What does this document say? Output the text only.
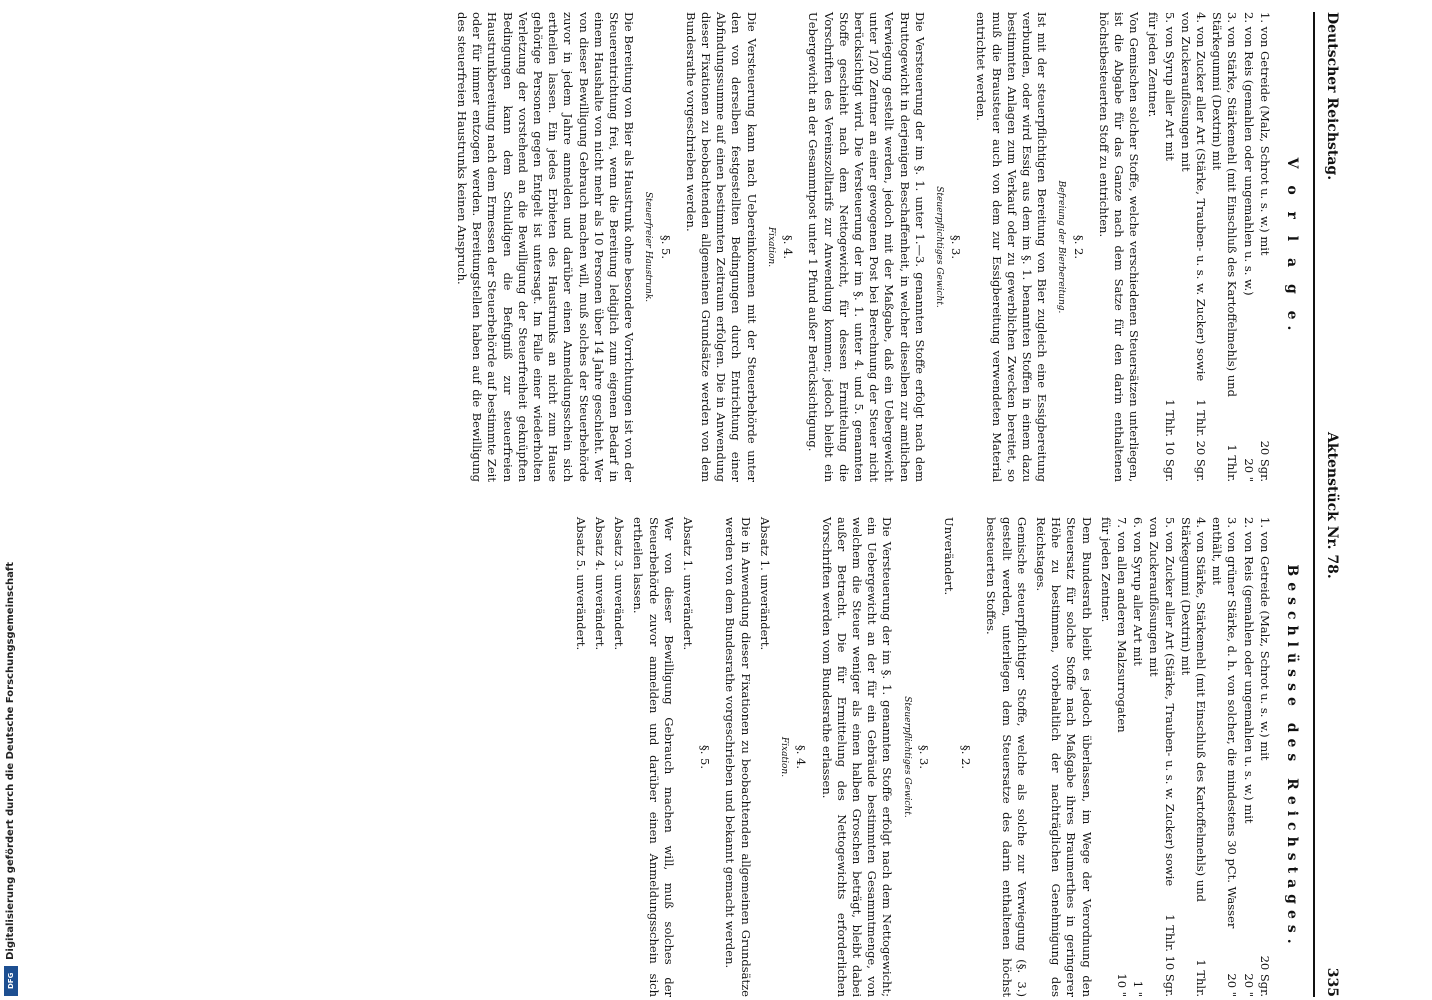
Deutscher Reichstag.
Aktenstück Nr. 78.
335
V o r l a g e.
1. von Getreide (Malz, Schrot u. s. w.) mit
20 Sgr.
2. von Reis (gemahlen oder ungemahlen u. s. w.)
20 "
3. von Stärke, Stärkemehl (mit Einschluß des Kartoffelmehls) und Stärkegummi (Dextrin) mit
1 Thlr.
4. von Zucker aller Art (Stärke, Trauben- u. s. w. Zucker) sowie von Zuckerauflösungen mit
1 Thlr. 20 Sgr.
5. von Syrup aller Art mit
1 Thlr. 10 Sgr.

für jeden Zentner.

Von Gemischen solcher Stoffe, welche verschiedenen Steuersätzen unterliegen, ist die Abgabe für das Ganze nach dem Satze für den darin enthaltenen höchstbesteuerten Stoff zu entrichten.

§. 2.
Befreiung der Bierbereitung.

Ist mit der steuerpflichtigen Bereitung von Bier zugleich eine Essigbereitung verbunden, oder wird Essig aus dem im §. 1. benannten Stoffen in einem dazu bestimmten Anlagen zum Verkauf oder zu gewerblichen Zwecken bereitet, so muß die Brausteuer auch von dem zur Essigbereitung verwendeten Material entrichtet werden.

§. 3.
Steuerpflichtiges Gewicht.

Die Versteuerung der im §. 1. unter 1.—3. genannten Stoffe erfolgt nach dem Bruttogewicht in derjenigen Beschaffenheit, in welcher dieselben zur amtlichen Verwiegung gestellt werden, jedoch mit der Maßgabe, daß ein Uebergewicht unter 1/20 Zentner an einer gewogenen Post bei Berechnung der Steuer nicht berücksichtigt wird. Die Versteuerung der im §. 1. unter 4. und 5. genannten Stoffe geschieht nach dem Nettogewicht, für dessen Ermittelung die Vorschriften des Vereinszolltarifs zur Anwendung kommen; jedoch bleibt ein Uebergewicht an der Gesammtpost unter 1 Pfund außer Berücksichtigung.

§. 4.
Fixation.

Die Versteuerung kann nach Uebereinkommen mit der Steuerbehörde unter den von derselben festgestellten Bedingungen durch Entrichtung einer Abfindungssumme auf einen bestimmten Zeitraum erfolgen. Die in Anwendung dieser Fixationen zu beobachtenden allgemeinen Grundsätze werden von dem Bundesrathe vorgeschrieben werden.

§. 5.
Steuerfreier Haustrunk.

Die Bereitung von Bier als Haustrunk ohne besondere Vorrichtungen ist von der Steuerentrichtung frei, wenn die Bereitung lediglich zum eigenen Bedarf in einem Haushalte von nicht mehr als 10 Personen über 14 Jahre geschieht. Wer von dieser Bewilligung Gebrauch machen will, muß solches der Steuerbehörde zuvor in jedem Jahre anmelden und darüber einen Anmeldungsschein sich ertheilen lassen. Ein jedes Erbieten des Haustrunks an nicht zum Hause gehörige Personen gegen Entgelt ist untersagt. Im Falle einer wiederholten Verletzung der vorstehend an die Bewilligung der Steuerfreiheit geknüpften Bedingungen kann dem Schuldigen die Befugniß zur steuerfreien Haustrunkbereitung nach dem Ermessen der Steuerbehörde auf bestimmte Zeit oder für immer entzogen werden. Bereitungstellen haben auf die Bewilligung des steuerfreien Haustrunks keinen Anspruch.

Beschlüsse des Reichstages.
1. von Getreide (Malz, Schrot u. s. w.) mit
20 Sgr.
2. von Reis (gemahlen oder ungemahlen u. s. w.) mit
20 "
3. von grüner Stärke, d. h. von solcher, die mindestens 30 pCt. Wasser enthält, mit
20 "
4. von Stärke, Stärkemehl (mit Einschluß des Kartoffelmehls) und Stärkegummi (Dextrin) mit
1 Thlr.
5. von Zucker aller Art (Stärke, Trauben- u. s. w. Zucker) sowie von Zuckerauflösungen mit
1 Thlr. 10 Sgr.
6. von Syrup aller Art mit
1 "
7. von allen anderen Malzsurrogaten
10 "

für jeden Zentner.

Dem Bundesrath bleibt es jedoch überlassen, im Wege der Verordnung den Steuersatz für solche Stoffe nach Maßgabe ihres Braumerthes in geringerer Höhe zu bestimmen, vorbehaltlich der nachträglichen Genehmigung des Reichstages.

Gemische steuerpflichtiger Stoffe, welche als solche zur Verwiegung (§. 3.) gestellt werden, unterliegen dem Steuersatze des darin enthaltenen höchst besteuerten Stoffes.

§. 2.

Unverändert.

§. 3.
Steuerpflichtiges Gewicht.

Die Versteuerung der im §. 1. genannten Stoffe erfolgt nach dem Nettogewicht; ein Uebergewicht an der für ein Gebräude bestimmten Gesammtmenge, von welchem die Steuer weniger als einen halben Groschen beträgt, bleibt dabei außer Betracht. Die für Ermittelung des Nettogewichts erforderlichen Vorschriften werden vom Bundesrathe erlassen.

§. 4.
Fixation.

Absatz 1. unverändert.

Die in Anwendung dieser Fixationen zu beobachtenden allgemeinen Grundsätze werden von dem Bundesrathe vorgeschrieben und bekannt gemacht werden.

§. 5.

Absatz 1. unverändert.

Wer von dieser Bewilligung Gebrauch machen will, muß solches der Steuerbehörde zuvor anmelden und darüber einen Anmeldungsschein sich ertheilen lassen.

Absatz 3. unverändert.

Absatz 4. unverändert.

Absatz 5. unverändert.

Digitalisierung gefördert durch die Deutsche Forschungsgemeinschaft
DFG
